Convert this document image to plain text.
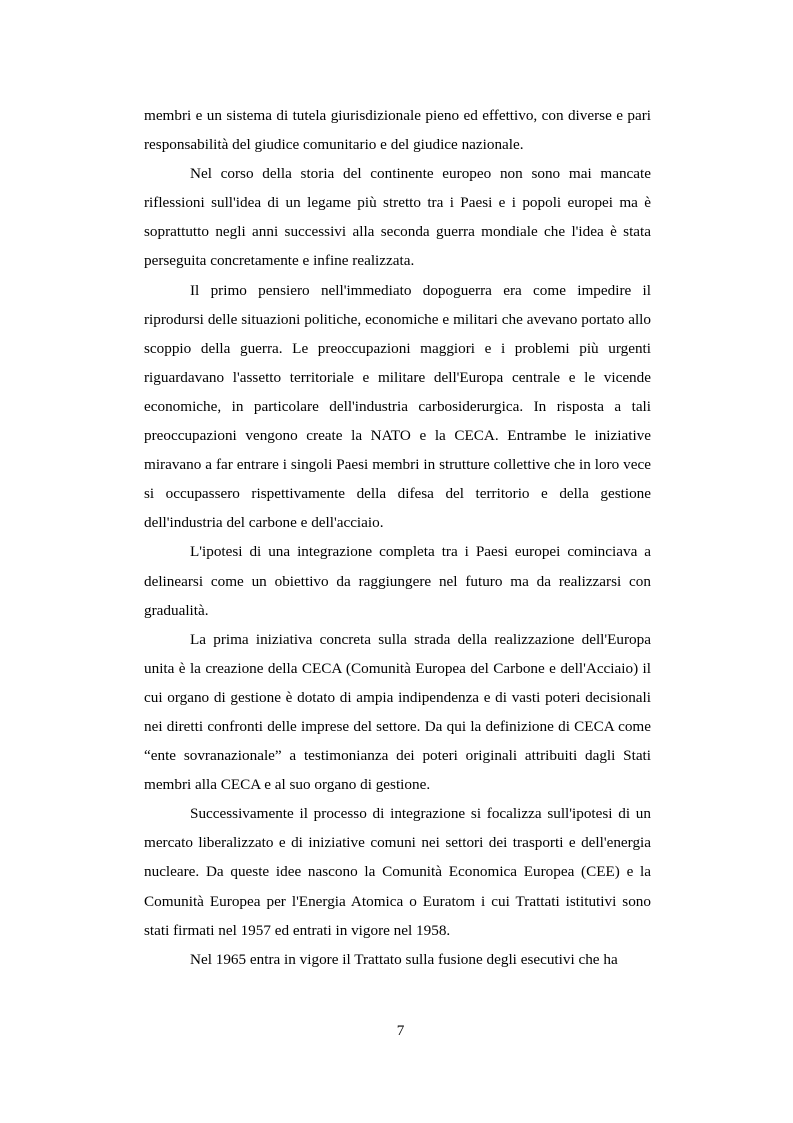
membri e un sistema di tutela giurisdizionale pieno ed effettivo, con diverse e pari responsabilità del giudice comunitario e del giudice nazionale.

Nel corso della storia del continente europeo non sono mai mancate riflessioni sull'idea di un legame più stretto tra i Paesi e i popoli europei ma è soprattutto negli anni successivi alla seconda guerra mondiale che l'idea è stata perseguita concretamente e infine realizzata.

Il primo pensiero nell'immediato dopoguerra era come impedire il riprodursi delle situazioni politiche, economiche e militari che avevano portato allo scoppio della guerra. Le preoccupazioni maggiori e i problemi più urgenti riguardavano l'assetto territoriale e militare dell'Europa centrale e le vicende economiche, in particolare dell'industria carbosiderurgica. In risposta a tali preoccupazioni vengono create la NATO e la CECA. Entrambe le iniziative miravano a far entrare i singoli Paesi membri in strutture collettive che in loro vece si occupassero rispettivamente della difesa del territorio e della gestione dell'industria del carbone e dell'acciaio.

L'ipotesi di una integrazione completa tra i Paesi europei cominciava a delinearsi come un obiettivo da raggiungere nel futuro ma da realizzarsi con gradualità.

La prima iniziativa concreta sulla strada della realizzazione dell'Europa unita è la creazione della CECA (Comunità Europea del Carbone e dell'Acciaio) il cui organo di gestione è dotato di ampia indipendenza e di vasti poteri decisionali nei diretti confronti delle imprese del settore. Da qui la definizione di CECA come “ente sovranazionale” a testimonianza dei poteri originali attribuiti dagli Stati membri alla CECA e al suo organo di gestione.

Successivamente il processo di integrazione si focalizza sull'ipotesi di un mercato liberalizzato e di iniziative comuni nei settori dei trasporti e dell'energia nucleare. Da queste idee nascono la Comunità Economica Europea (CEE) e la Comunità Europea per l'Energia Atomica o Euratom i cui Trattati istitutivi sono stati firmati nel 1957 ed entrati in vigore nel 1958.

Nel 1965 entra in vigore il Trattato sulla fusione degli esecutivi che ha

7
